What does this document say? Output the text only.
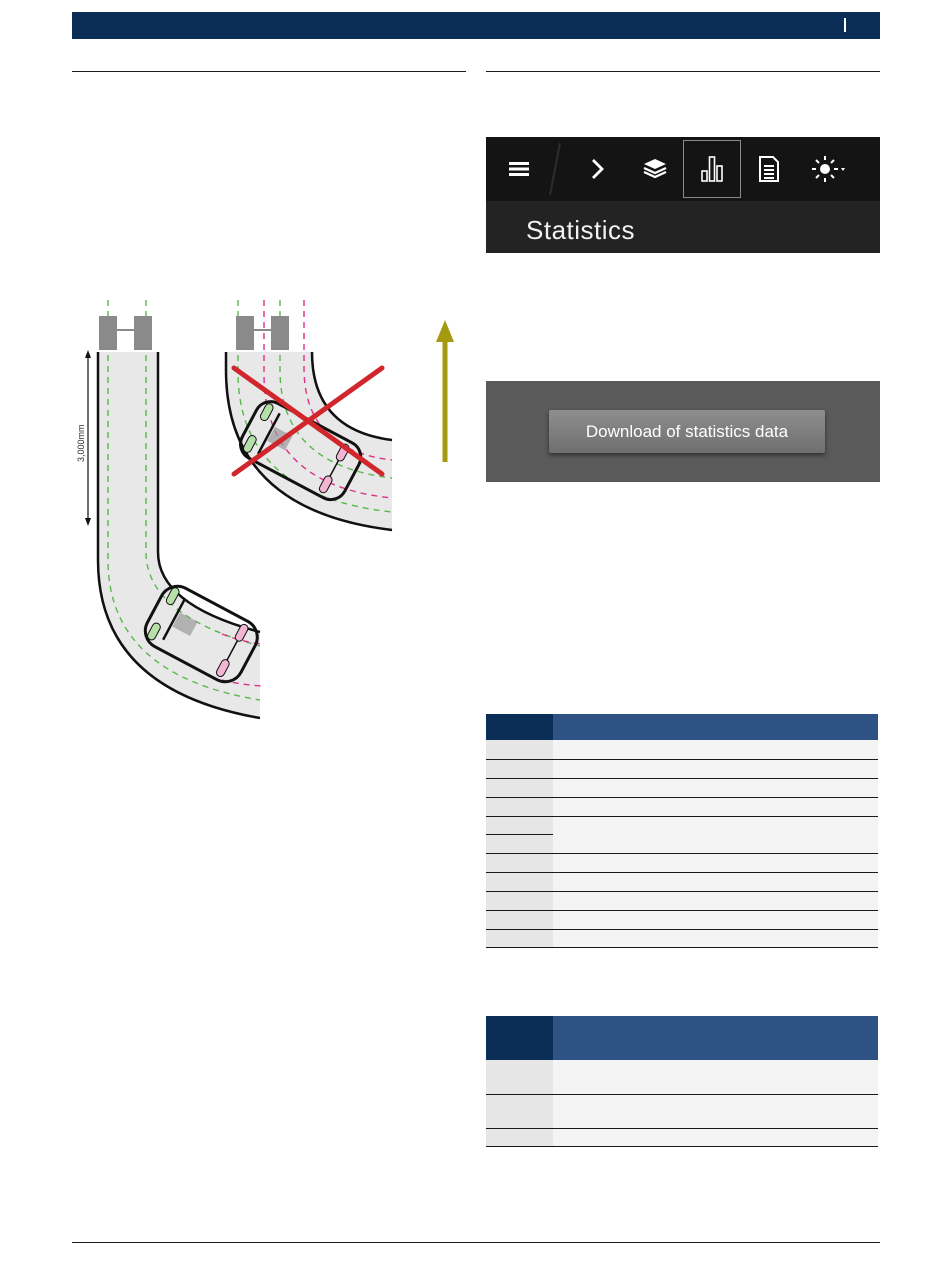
3,000mm
Statistics
Download of statistics data
